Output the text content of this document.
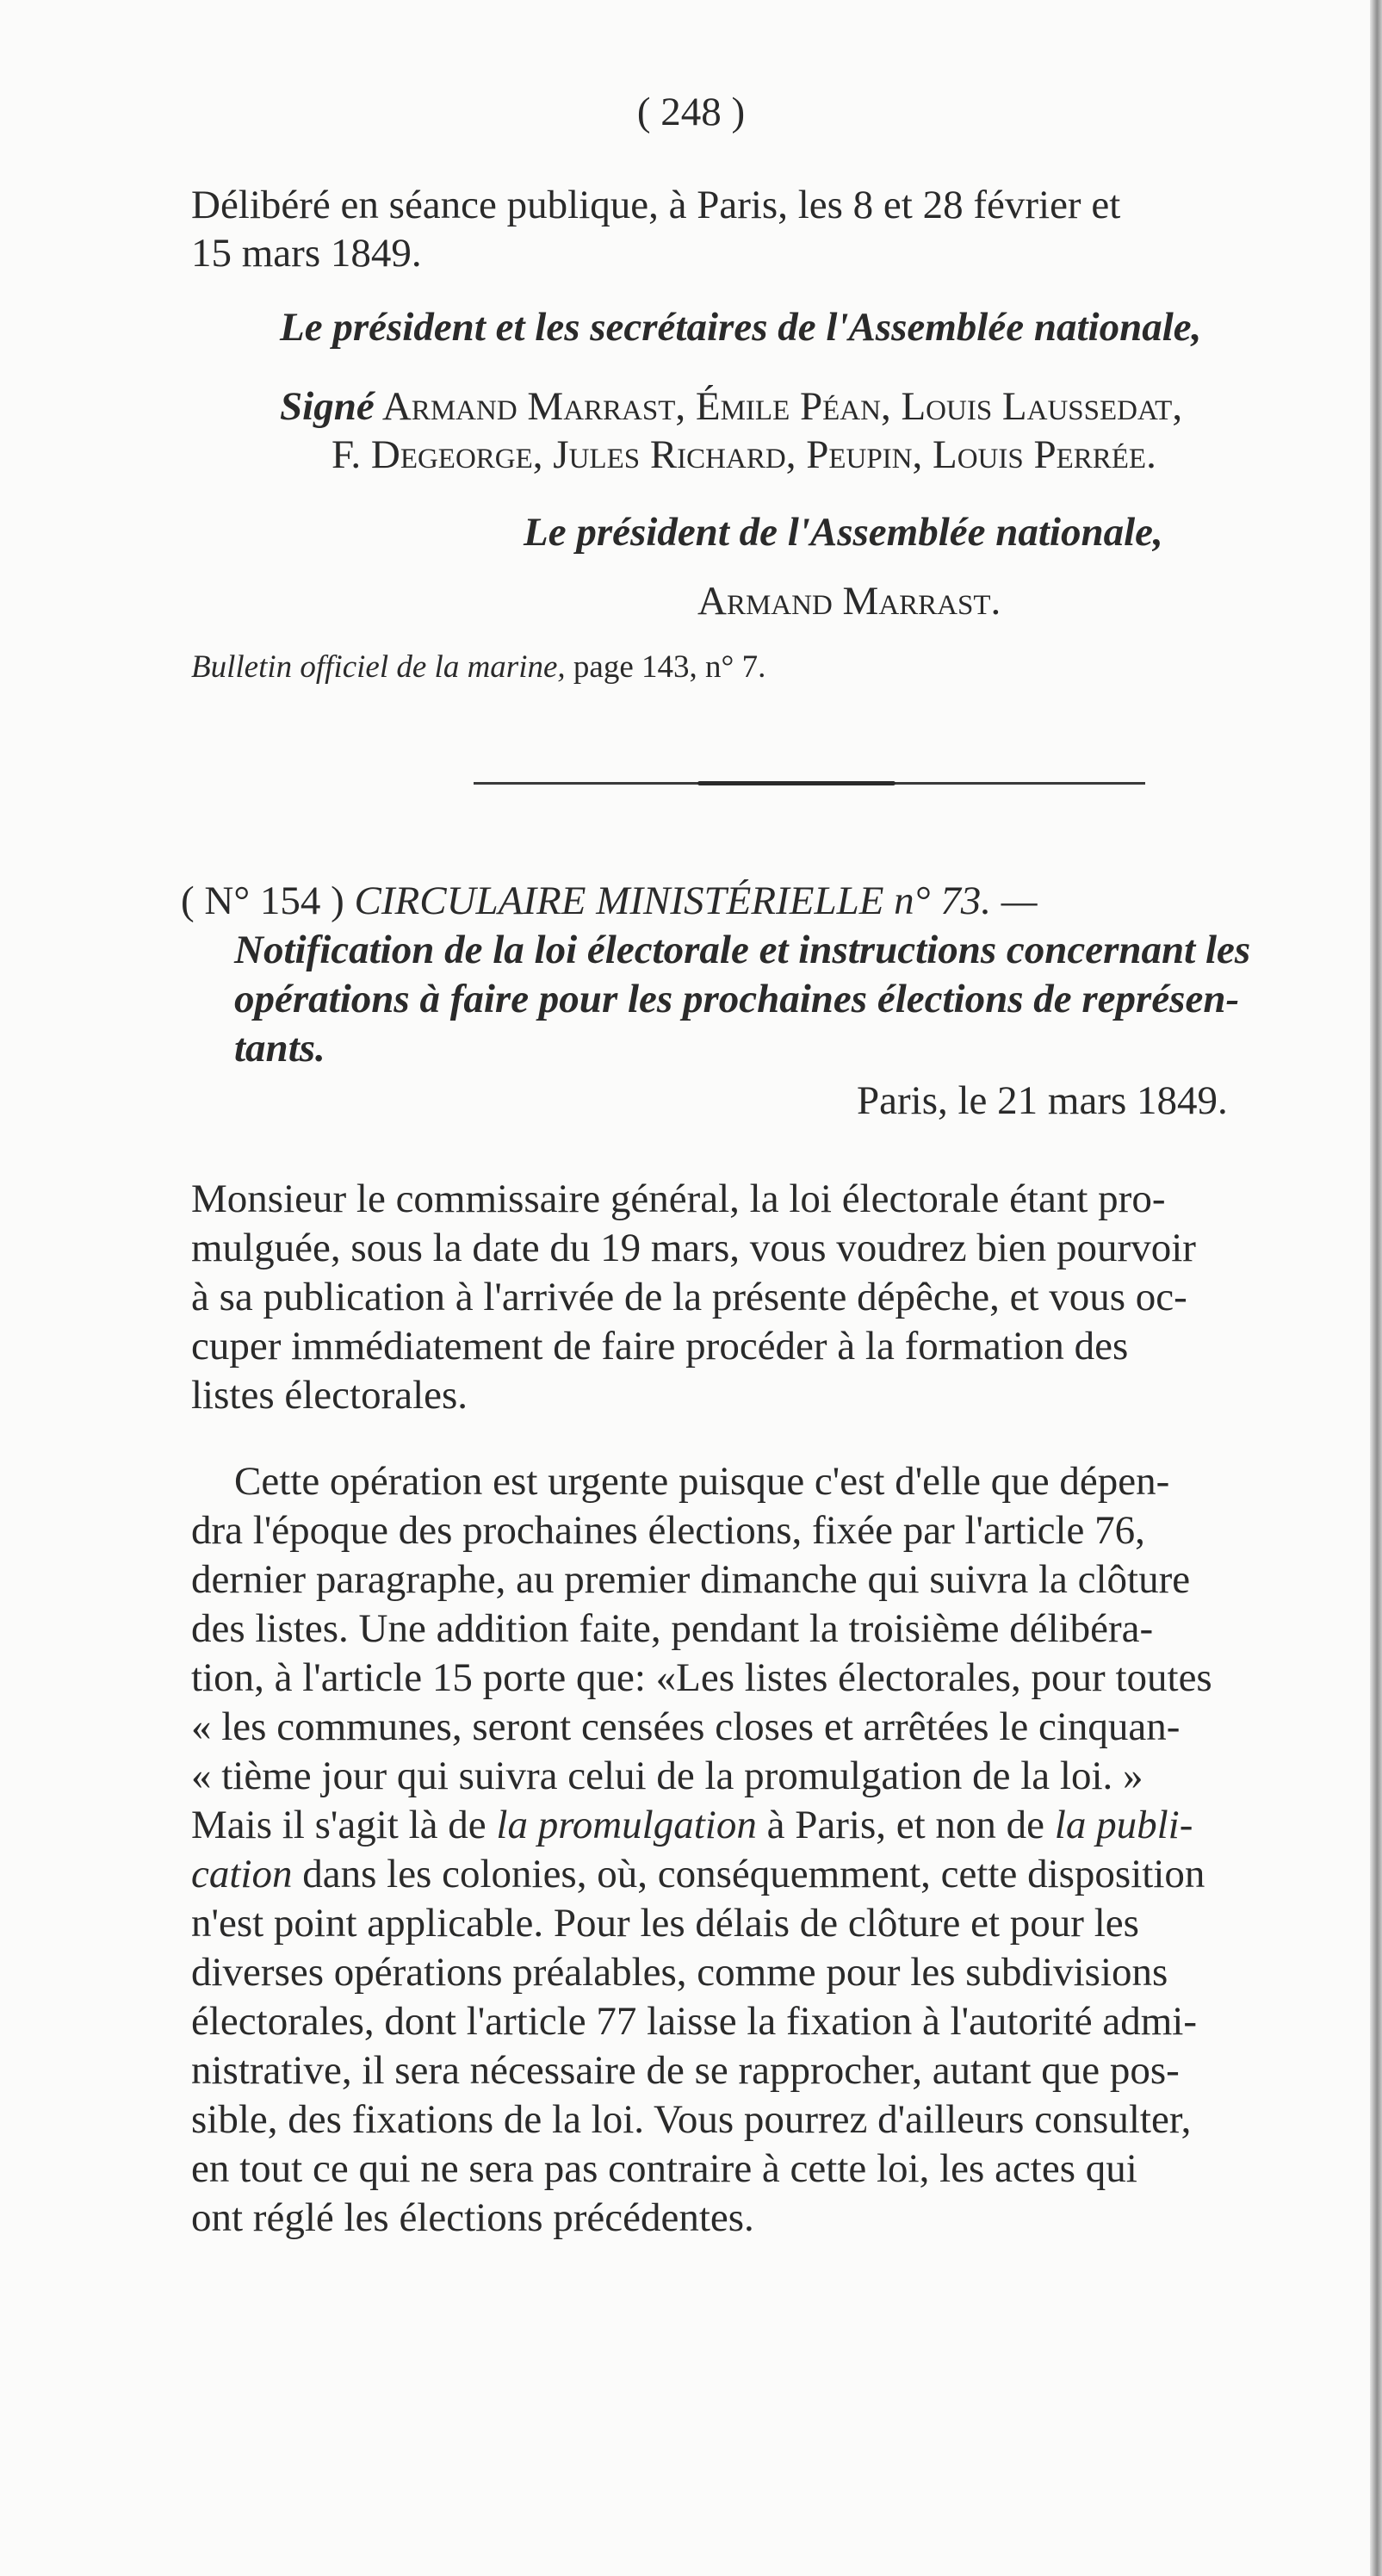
( 248 )
Délibéré en séance publique, à Paris, les 8 et 28 février et
15 mars 1849.
Le président et les secrétaires de l'Assemblée nationale,
Signé Armand Marrast, Émile Péan, Louis Laussedat,
F. Degeorge, Jules Richard, Peupin, Louis Perrée.
Le président de l'Assemblée nationale,
Armand Marrast.
Bulletin officiel de la marine, page 143, n° 7.
( N° 154 ) CIRCULAIRE MINISTÉRIELLE n° 73. —
Notification de la loi électorale et instructions concernant les
opérations à faire pour les prochaines élections de représen-
tants.
Paris, le 21 mars 1849.
Monsieur le commissaire général, la loi électorale étant pro-
mulguée, sous la date du 19 mars, vous voudrez bien pourvoir
à sa publication à l'arrivée de la présente dépêche, et vous oc-
cuper immédiatement de faire procéder à la formation des
listes électorales.
Cette opération est urgente puisque c'est d'elle que dépen-
dra l'époque des prochaines élections, fixée par l'article 76,
dernier paragraphe, au premier dimanche qui suivra la clôture
des listes. Une addition faite, pendant la troisième délibéra-
tion, à l'article 15 porte que: «Les listes électorales, pour toutes
« les communes, seront censées closes et arrêtées le cinquan-
« tième jour qui suivra celui de la promulgation de la loi. »
Mais il s'agit là de la promulgation à Paris, et non de la publi-
cation dans les colonies, où, conséquemment, cette disposition
n'est point applicable. Pour les délais de clôture et pour les
diverses opérations préalables, comme pour les subdivisions
électorales, dont l'article 77 laisse la fixation à l'autorité admi-
nistrative, il sera nécessaire de se rapprocher, autant que pos-
sible, des fixations de la loi. Vous pourrez d'ailleurs consulter,
en tout ce qui ne sera pas contraire à cette loi, les actes qui
ont réglé les élections précédentes.
